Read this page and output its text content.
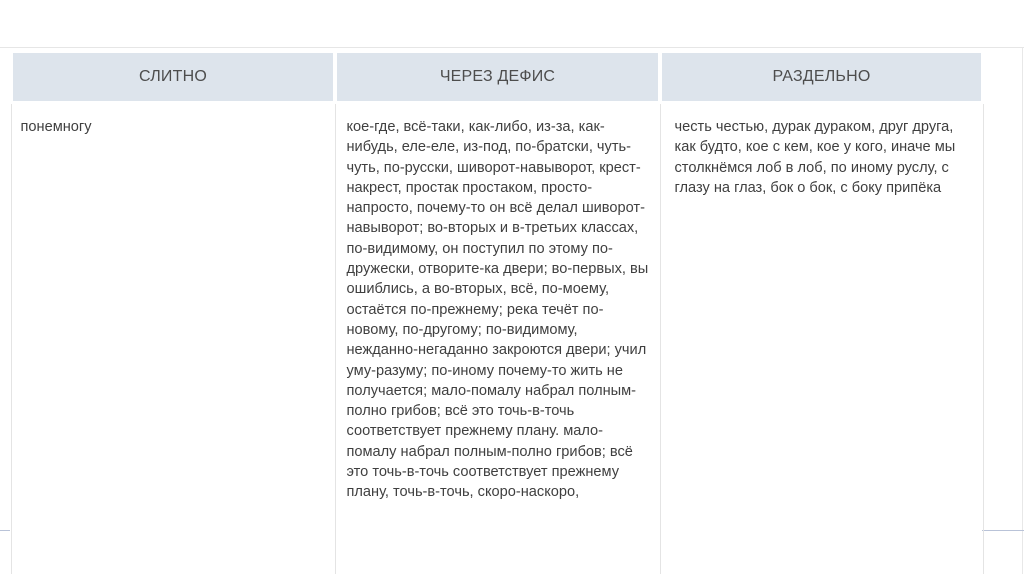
СЛИТНО	ЧЕРЕЗ ДЕФИС	РАЗДЕЛЬНО
понемногу	кое-где, всё-таки, как-либо, из-за, как-нибудь, еле-еле, из-под, по-братски, чуть-чуть, по-русски, шиворот-навыворот, крест-накрест, простак простаком, просто-напросто, почему-то он всё делал шиворот-навыворот; во-вторых и в-третьих классах, по-видимому, он поступил по этому по-дружески, отворите-ка двери; во-первых, вы ошиблись, а во-вторых, всё, по-моему, остаётся по-прежнему; река течёт по-новому, по-другому; по-видимому, нежданно-негаданно закроются двери; учил уму-разуму; по-иному почему-то жить не получается; мало-помалу набрал полным-полно грибов; всё это точь-в-точь соответствует прежнему плану. мало-помалу набрал полным-полно грибов; всё это точь-в-точь соответствует прежнему плану, точь-в-точь, скоро-наскоро,	честь честью, дурак дураком, друг друга, как будто, кое с кем, кое у кого, иначе мы столкнёмся лоб в лоб, по иному руслу, с глазу на глаз, бок о бок, с боку припёка
